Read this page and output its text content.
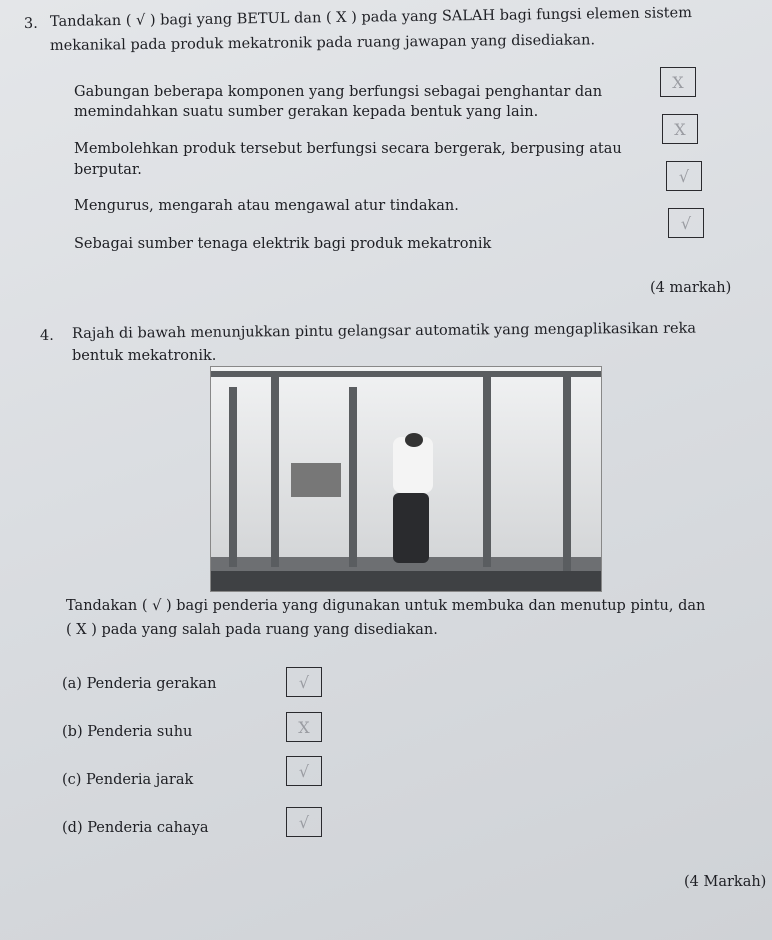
3. Tandakan ( √ ) bagi yang BETUL dan ( X ) pada yang SALAH bagi fungsi elemen sistem
mekanikal pada produk mekatronik pada ruang jawapan yang disediakan.
Gabungan beberapa komponen yang berfungsi sebagai penghantar dan
memindahkan suatu sumber gerakan kepada bentuk yang lain.
X
Membolehkan produk tersebut berfungsi secara bergerak, berpusing atau
berputar.
X
Mengurus, mengarah atau mengawal atur tindakan.
√
Sebagai sumber tenaga elektrik bagi produk mekatronik
√
(4 markah)
4. Rajah di bawah menunjukkan pintu gelangsar automatik yang mengaplikasikan reka
bentuk mekatronik.
Tandakan ( √ ) bagi penderia yang digunakan untuk membuka dan menutup pintu, dan
( X ) pada yang salah pada ruang yang disediakan.
(a) Penderia gerakan	√
(b) Penderia suhu	X
(c) Penderia jarak	√
(d) Penderia cahaya	√
(4 Markah)
